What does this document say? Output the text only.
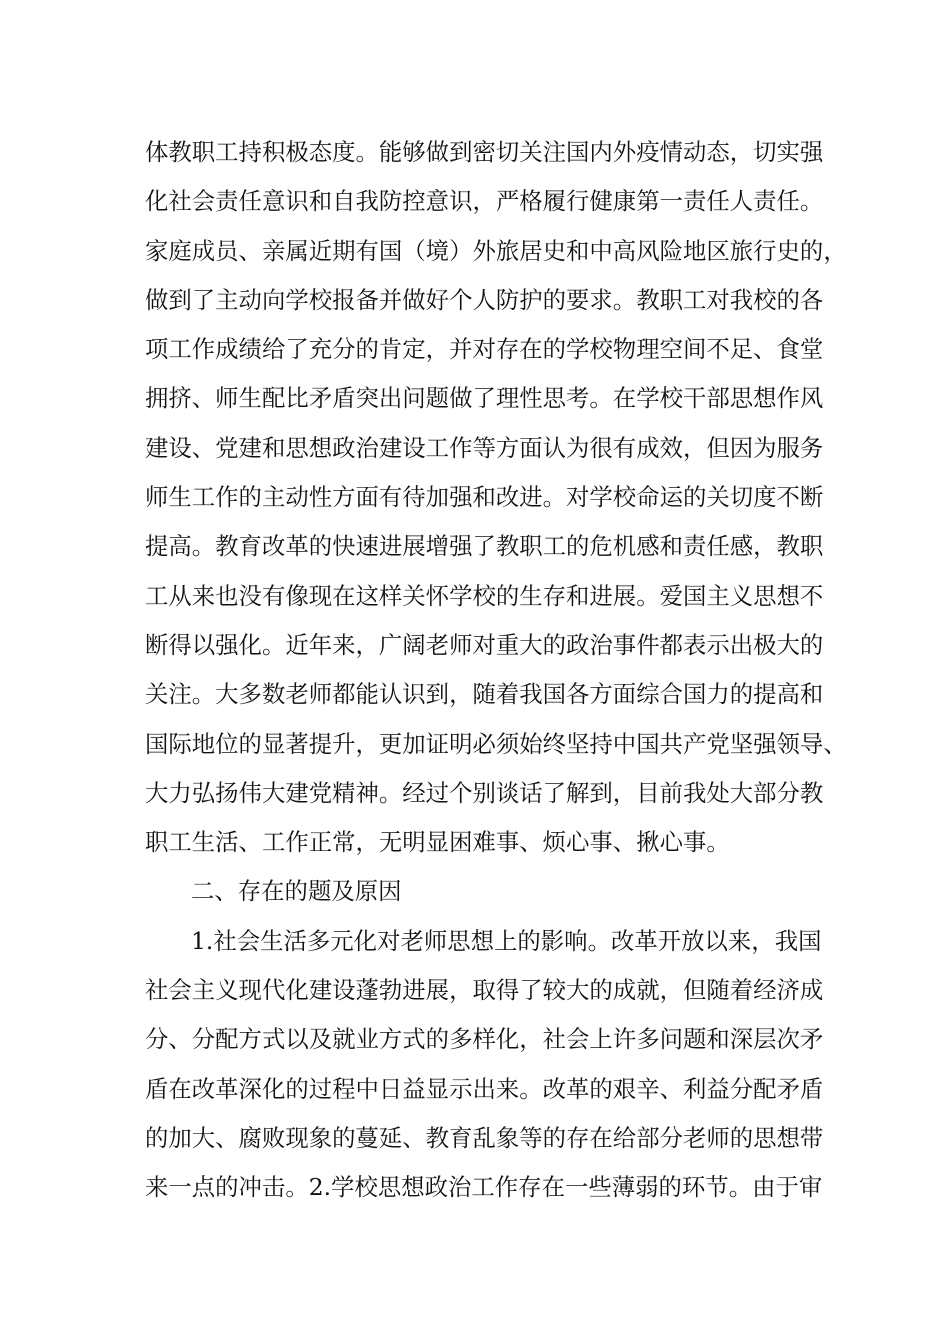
体教职工持积极态度。能够做到密切关注国内外疫情动态，切实强
化社会责任意识和自我防控意识，严格履行健康第一责任人责任。
家庭成员、亲属近期有国（境）外旅居史和中高风险地区旅行史的，
做到了主动向学校报备并做好个人防护的要求。教职工对我校的各
项工作成绩给了充分的肯定，并对存在的学校物理空间不足、食堂
拥挤、师生配比矛盾突出问题做了理性思考。在学校干部思想作风
建设、党建和思想政治建设工作等方面认为很有成效，但因为服务
师生工作的主动性方面有待加强和改进。对学校命运的关切度不断
提高。教育改革的快速进展增强了教职工的危机感和责任感，教职
工从来也没有像现在这样关怀学校的生存和进展。爱国主义思想不
断得以强化。近年来，广阔老师对重大的政治事件都表示出极大的
关注。大多数老师都能认识到，随着我国各方面综合国力的提高和
国际地位的显著提升，更加证明必须始终坚持中国共产党坚强领导、
大力弘扬伟大建党精神。经过个别谈话了解到，目前我处大部分教
职工生活、工作正常，无明显困难事、烦心事、揪心事。
二、存在的题及原因
1.社会生活多元化对老师思想上的影响。改革开放以来，我国
社会主义现代化建设蓬勃进展，取得了较大的成就，但随着经济成
分、分配方式以及就业方式的多样化，社会上许多问题和深层次矛
盾在改革深化的过程中日益显示出来。改革的艰辛、利益分配矛盾
的加大、腐败现象的蔓延、教育乱象等的存在给部分老师的思想带
来一点的冲击。2.学校思想政治工作存在一些薄弱的环节。由于审
